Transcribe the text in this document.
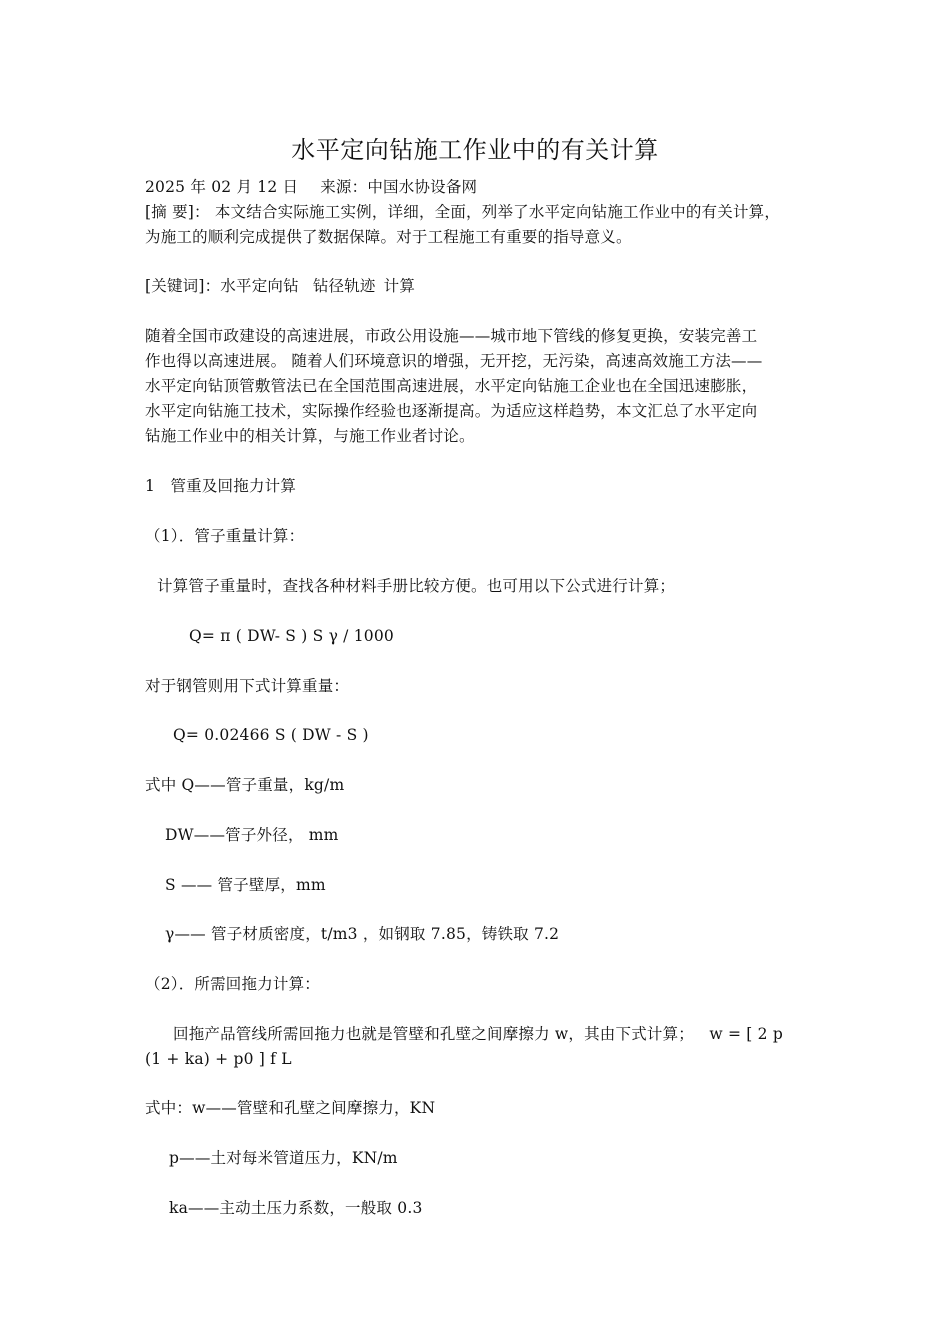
水平定向钻施工作业中的有关计算
2025 年 02 月 12 日 来源：中国水协设备网
[摘 要]： 本文结合实际施工实例，详细，全面，列举了水平定向钻施工作业中的有关计算，
为施工的顺利完成提供了数据保障。对于工程施工有重要的指导意义。
[关键词]：水平定向钻 钻径轨迹 计算
随着全国市政建设的高速进展，市政公用设施——城市地下管线的修复更换，安装完善工
作也得以高速进展。 随着人们环境意识的增强，无开挖，无污染，高速高效施工方法——
水平定向钻顶管敷管法已在全国范围高速进展，水平定向钻施工企业也在全国迅速膨胀，
水平定向钻施工技术，实际操作经验也逐渐提高。为适应这样趋势，本文汇总了水平定向
钻施工作业中的相关计算，与施工作业者讨论。
1   管重及回拖力计算
（1）．管子重量计算：
计算管子重量时，查找各种材料手册比较方便。也可用以下公式进行计算；
Q= π ( DW- S ) S γ / 1000
对于钢管则用下式计算重量：
Q= 0.02466 S ( DW - S )
式中 Q——管子重量，kg/m
DW——管子外径， mm
S —— 管子壁厚，mm
γ—— 管子材质密度，t/m3 ，如钢取 7.85，铸铁取 7.2
（2）．所需回拖力计算：
回拖产品管线所需回拖力也就是管壁和孔壁之间摩擦力 w，其由下式计算；   w = [ 2 p
(1 + ka) + p0 ] f L
式中：w——管壁和孔壁之间摩擦力，KN
p——土对每米管道压力，KN/m
ka——主动土压力系数，一般取 0.3
